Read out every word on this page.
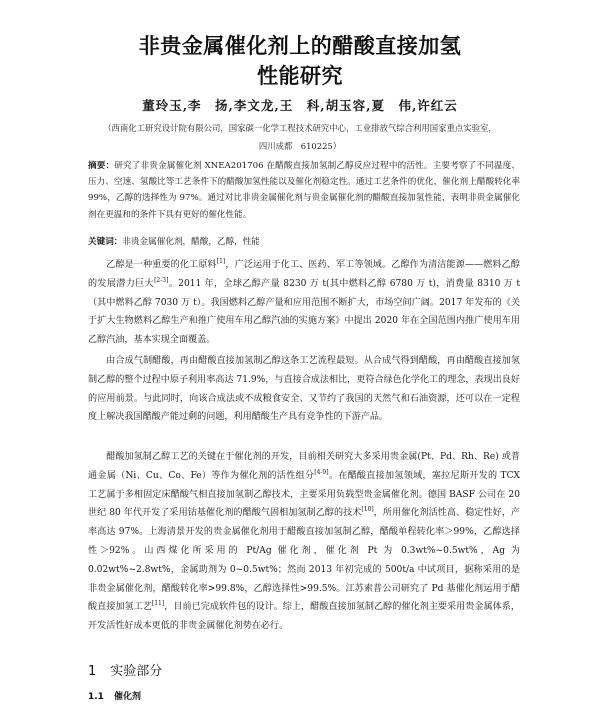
非贵金属催化剂上的醋酸直接加氢
性能研究
董玲玉,李　扬,李文龙,王　科,胡玉容,夏　伟,许红云
（西南化工研究设计院有限公司，国家碳一化学工程技术研究中心，工业排放气综合利用国家重点实验室，
四川成都　610225）
摘要：研究了非贵金属催化剂 XNEA201706 在醋酸直接加氢制乙醇反应过程中的活性。主要考察了不同温度、压力、空速、氢酸比等工艺条件下的醋酸加氢性能以及催化剂稳定性。通过工艺条件的优化，催化剂上醋酸转化率 99%，乙醇的选择性为 97%。通过对比非贵金属催化剂与贵金属催化剂的醋酸直接加氢性能，表明非贵金属催化剂在更温和的条件下具有更好的催化性能。
关键词：非贵金属催化剂，醋酸，乙醇，性能
乙醇是一种重要的化工原料[1]，广泛运用于化工、医药、军工等领域。乙醇作为清洁能源——燃料乙醇的发展潜力巨大[2-3]。2011 年，全球乙醇产量 8230 万 t(其中燃料乙醇 6780 万 t)，消费量 8310 万 t（其中燃料乙醇 7030 万 t）。我国燃料乙醇产量和应用范围不断扩大，市场空间广阔。2017 年发布的《关于扩大生物燃料乙醇生产和推广使用车用乙醇汽油的实施方案》中提出 2020 年在全国范围内推广使用车用乙醇汽油，基本实现全面覆盖。
由合成气制醋酸，再由醋酸直接加氢制乙醇这条工艺流程最短。从合成气得到醋酸，再由醋酸直接加氢制乙醇的整个过程中原子利用率高达 71.9%，与直接合成法相比，更符合绿色化学化工的理念，表现出良好的应用前景。与此同时，向该合成法或不成粮食安全、又节约了我国的天然气和石油资源，还可以在一定程度上解决我国醋酸产能过剩的问题，利用醋酸生产具有竞争性的下游产品。
醋酸加氢制乙醇工艺的关键在于催化剂的开发，目前相关研究大多采用贵金属(Pt、Pd、Rh、Re) 或普通金属（Ni、Cu、Co、Fe）等作为催化剂的活性组分[4-9]。在醋酸直接加氢领域，塞拉尼斯开发的 TCX 工艺属于多相固定床醋酸气相直接加氢制乙醇技术，主要采用负载型贵金属催化剂。德国 BASF 公司在 20 世纪 80 年代开发了采用钴基催化剂的醋酸气固相加氢制乙醇的技术[10]，所用催化剂活性高、稳定性好，产率高达 97%。上海清景开发的贵金属催化剂用于醋酸直接加氢制乙醇，醋酸单程转化率＞99%，乙醇选择性＞92%。山西煤化所采用的 Pt/Ag 催化剂，催化剂 Pt 为 0.3wt%~0.5wt%，Ag 为 0.02wt%~2.8wt%，金属助剂为 0~0.5wt%；然而 2013 年初完成的 500t/a 中试项目，据称采用的是非贵金属催化剂，醋酸转化率>99.8%，乙醇选择性>99.5%。江苏索普公司研究了 Pd 基催化剂运用于醋酸直接加氢工艺[11]，目前已完成软件包的设计。综上，醋酸直接加氢制乙醇的催化剂主要采用贵金属体系，开发活性好成本更低的非贵金属催化剂势在必行。
1 实验部分
1.1 催化剂
